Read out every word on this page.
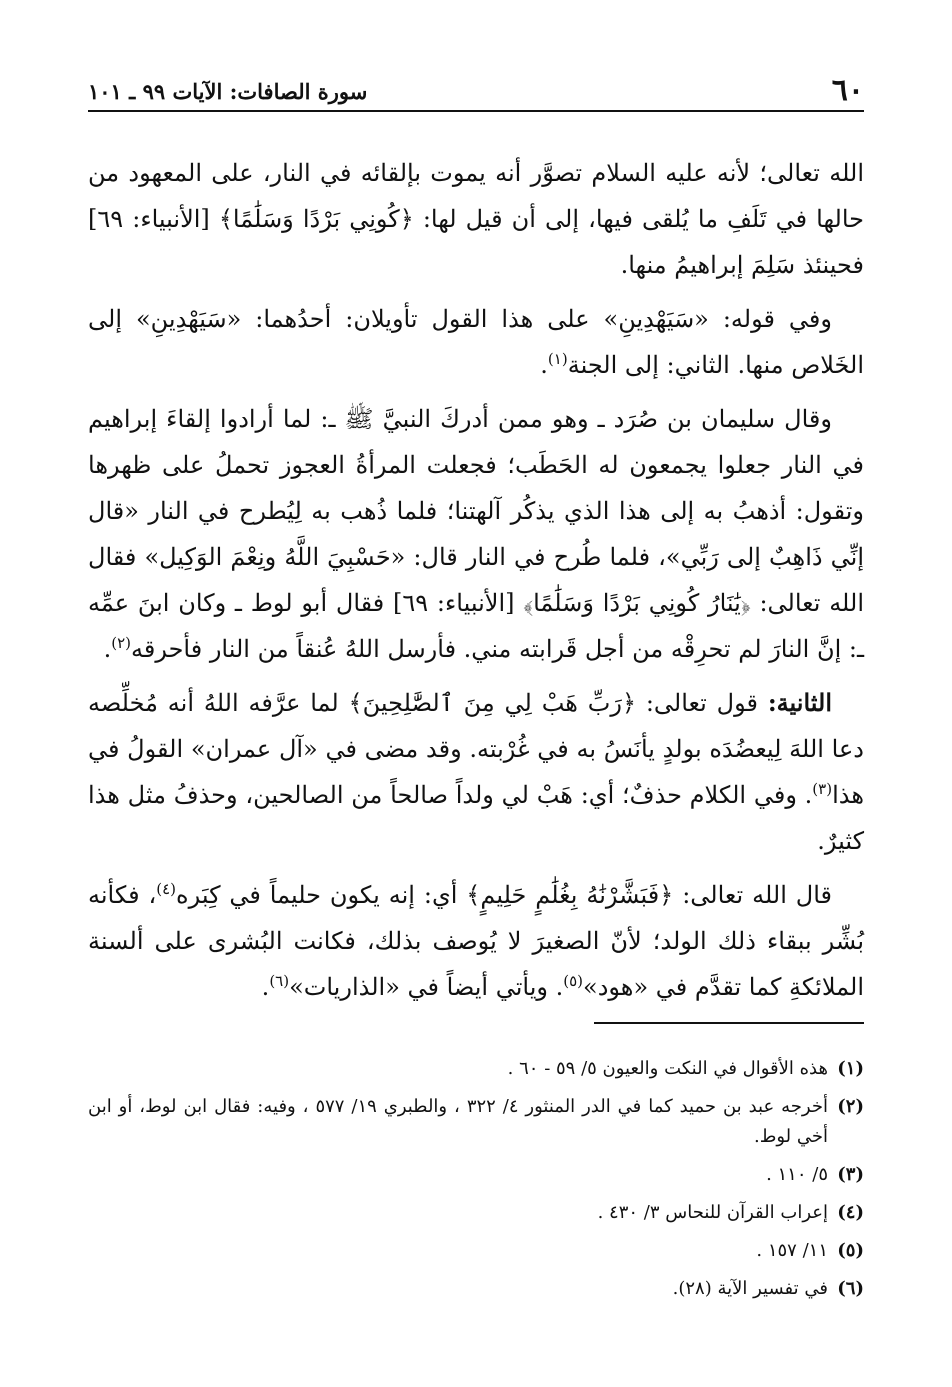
٦٠
سورة الصافات: الآيات ٩٩ ـ ١٠١

الله تعالى؛ لأنه عليه السلام تصوَّر أنه يموت بإلقائه في النار، على المعهود من حالها في تَلَفِ ما يُلقى فيها، إلى أن قيل لها: ﴿كُونِي بَرْدًا وَسَلَٰمًا﴾ [الأنبياء: ٦٩] فحينئذ سَلِمَ إبراهيمُ منها.

وفي قوله: «سَيَهْدِينِ» على هذا القول تأويلان: أحدُهما: «سَيَهْدِينِ» إلى الخَلاص منها. الثاني: إلى الجنة$^{(١)}$.

وقال سليمان بن صُرَد ـ وهو ممن أدركَ النبيَّ ﷺ ـ: لما أرادوا إلقاءَ إبراهيم في النار جعلوا يجمعون له الحَطَب؛ فجعلت المرأةُ العجوز تحملُ على ظهرها وتقول: أذهبُ به إلى هذا الذي يذكُر آلهتنا؛ فلما ذُهب به لِيُطرح في النار «قال إنِّي ذَاهِبٌ إلى رَبِّي»، فلما طُرح في النار قال: «حَسْبِيَ اللَّهُ ونِعْمَ الوَكِيل» فقال الله تعالى: ﴿يَٰنَارُ كُونِي بَرْدًا وَسَلَٰمًا﴾ [الأنبياء: ٦٩] فقال أبو لوط ـ وكان ابنَ عمِّه ـ: إنَّ النارَ لم تحرِقْه من أجل قَرابته مني. فأرسل اللهُ عُنقاً من النار فأحرقه$^{(٢)}$.

الثانية: قول تعالى: ﴿رَبِّ هَبْ لِي مِنَ ٱلصَّٰلِحِينَ﴾ لما عرَّفه اللهُ أنه مُخلِّصه دعا اللهَ لِيعضُدَه بولدٍ يأنَسُ به في غُرْبته. وقد مضى في «آل عمران» القولُ في هذا$^{(٣)}$. وفي الكلام حذفٌ؛ أي: هَبْ لي ولداً صالحاً من الصالحين، وحذفُ مثل هذا كثيرٌ.

قال الله تعالى: ﴿فَبَشَّرْنَٰهُ بِغُلَٰمٍ حَلِيمٍ﴾ أي: إنه يكون حليماً في كِبَره$^{(٤)}$، فكأنه بُشِّر ببقاء ذلك الولد؛ لأنّ الصغيرَ لا يُوصف بذلك، فكانت البُشرى على ألسنة الملائكةِ كما تقدَّم في «هود»$^{(٥)}$. ويأتي أيضاً في «الذاريات»$^{(٦)}$.

(١)
هذه الأقوال في النكت والعيون ٥/ ٥٩ - ٦٠ .
(٢)
أخرجه عبد بن حميد كما في الدر المنثور ٤/ ٣٢٢ ، والطبري ١٩/ ٥٧٧ ، وفيه: فقال ابن لوط، أو ابن أخي لوط.
(٣)
٥/ ١١٠ .
(٤)
إعراب القرآن للنحاس ٣/ ٤٣٠ .
(٥)
١١/ ١٥٧ .
(٦)
في تفسير الآية (٢٨).
